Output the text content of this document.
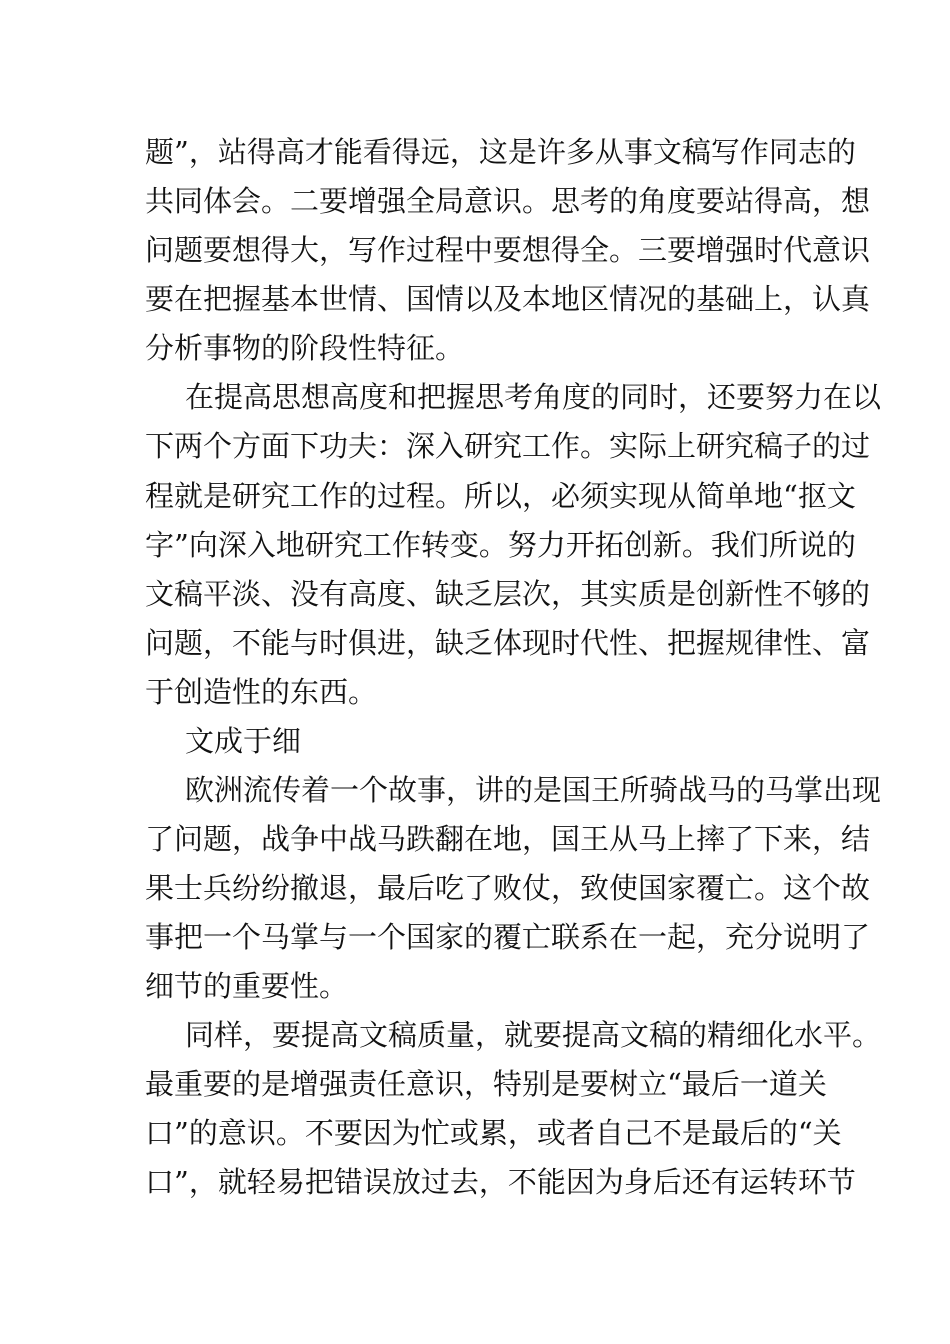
题”，站得高才能看得远，这是许多从事文稿写作同志的
共同体会。二要增强全局意识。思考的角度要站得高，想
问题要想得大，写作过程中要想得全。三要增强时代意识
要在把握基本世情、国情以及本地区情况的基础上，认真
分析事物的阶段性特征。
在提高思想高度和把握思考角度的同时，还要努力在以
下两个方面下功夫：深入研究工作。实际上研究稿子的过
程就是研究工作的过程。所以，必须实现从简单地“抠文
字”向深入地研究工作转变。努力开拓创新。我们所说的
文稿平淡、没有高度、缺乏层次，其实质是创新性不够的
问题，不能与时俱进，缺乏体现时代性、把握规律性、富
于创造性的东西。
文成于细
欧洲流传着一个故事，讲的是国王所骑战马的马掌出现
了问题，战争中战马跌翻在地，国王从马上摔了下来，结
果士兵纷纷撤退，最后吃了败仗，致使国家覆亡。这个故
事把一个马掌与一个国家的覆亡联系在一起，充分说明了
细节的重要性。
同样，要提高文稿质量，就要提高文稿的精细化水平。
最重要的是增强责任意识，特别是要树立“最后一道关
口”的意识。不要因为忙或累，或者自己不是最后的“关
口”，就轻易把错误放过去，不能因为身后还有运转环节
